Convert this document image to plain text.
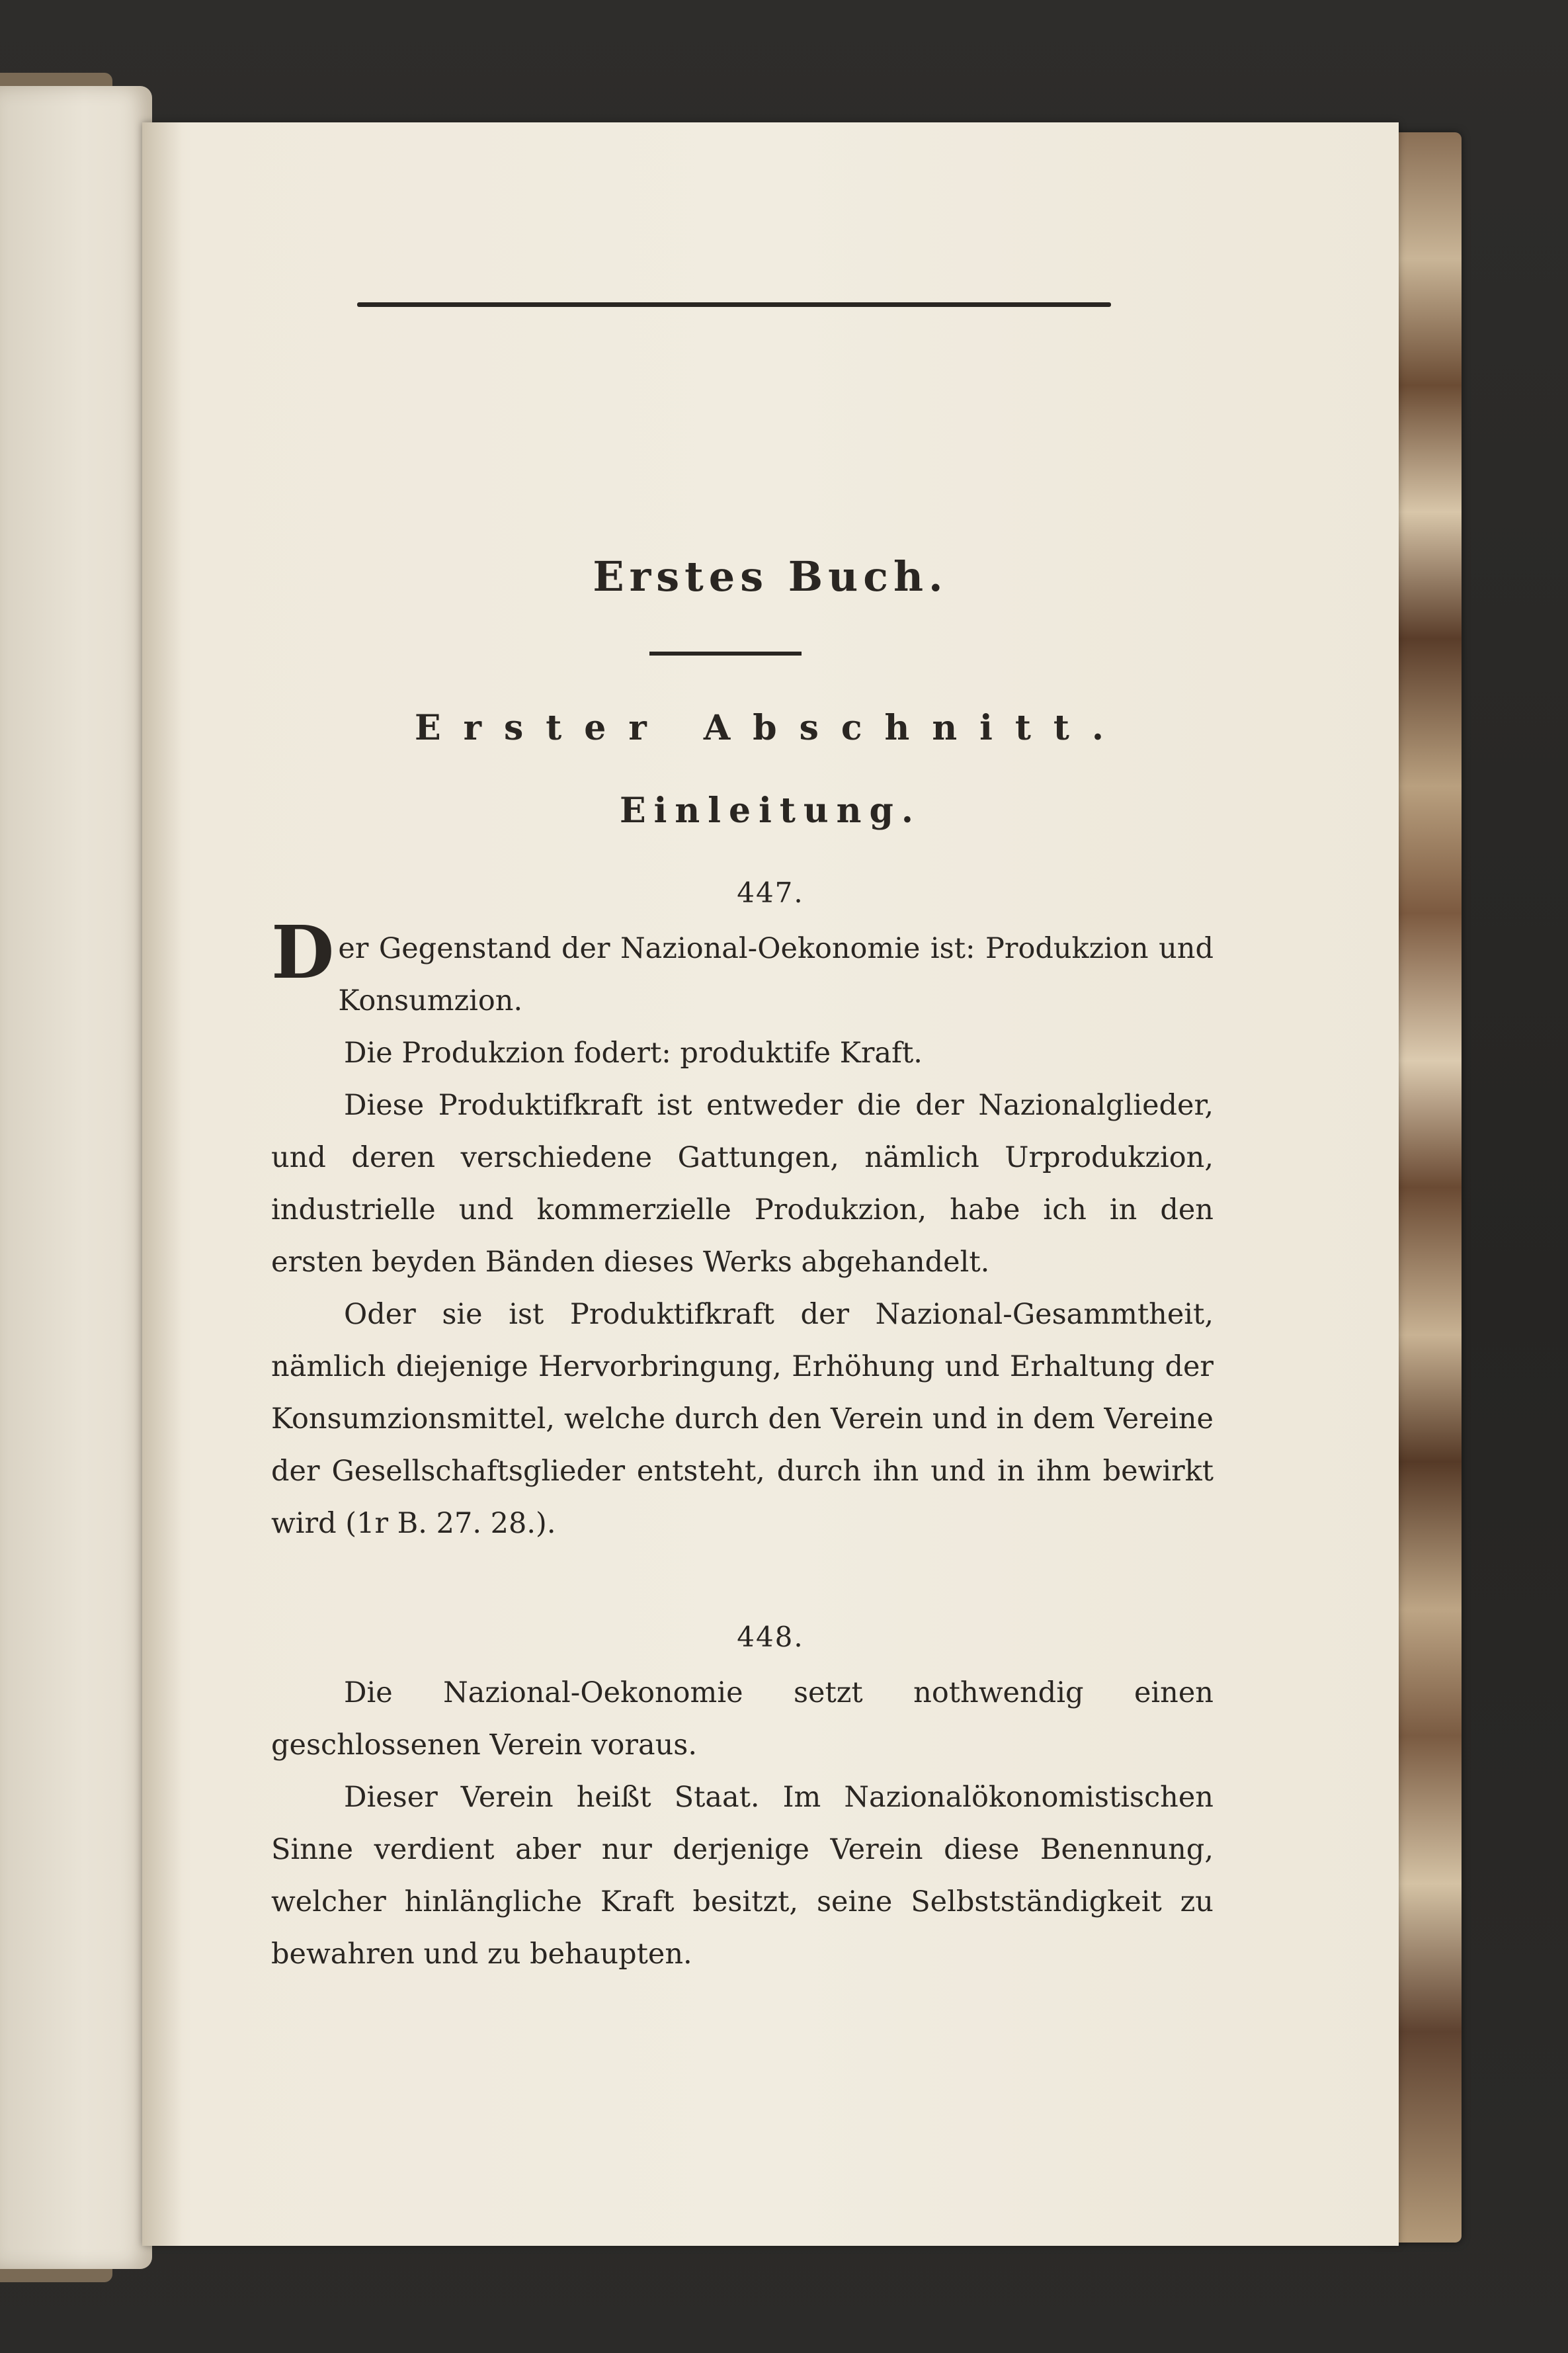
Erstes Buch.
Erster Abschnitt.
Einleitung.
447.

Der Gegenstand der Nazional-Oekonomie ist: Produkzion und Konsumzion.

Die Produkzion fodert: produktife Kraft.

Diese Produktifkraft ist entweder die der Nazionalglieder, und deren verschiedene Gattungen, nämlich Urprodukzion, industrielle und kommerzielle Produkzion, habe ich in den ersten beyden Bänden dieses Werks abgehandelt.

Oder sie ist Produktifkraft der Nazional-Gesammtheit, nämlich diejenige Hervorbringung, Erhöhung und Erhaltung der Konsumzionsmittel, welche durch den Verein und in dem Vereine der Gesellschaftsglieder entsteht, durch ihn und in ihm bewirkt wird (1r B. 27. 28.).

448.

Die Nazional-Oekonomie setzt nothwendig einen geschlossenen Verein voraus.

Dieser Verein heißt Staat. Im Nazionalökonomistischen Sinne verdient aber nur derjenige Verein diese Benennung, welcher hinlängliche Kraft besitzt, seine Selbstständigkeit zu bewahren und zu behaupten.
